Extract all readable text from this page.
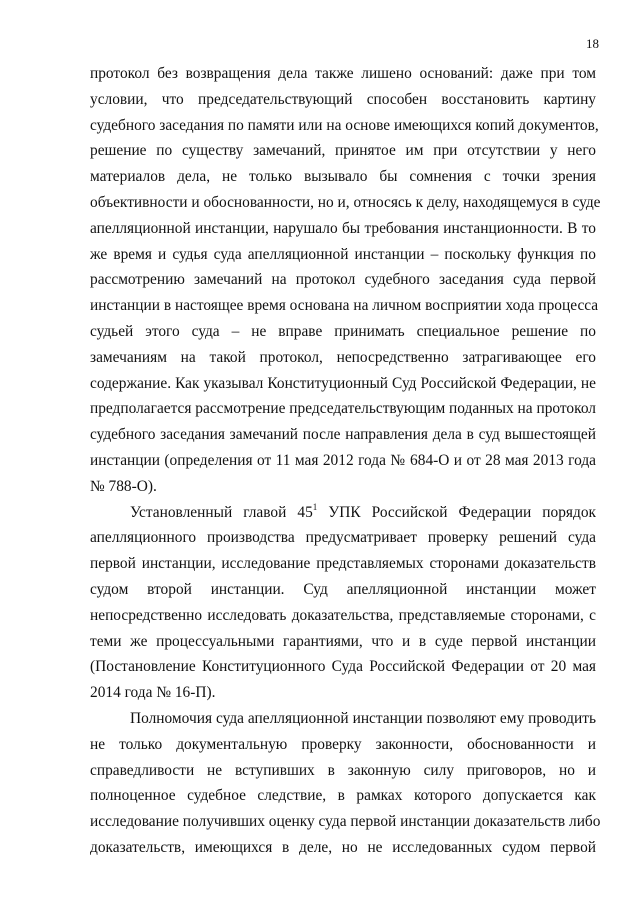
18
протокол без возвращения дела также лишено оснований: даже при том
условии, что председательствующий способен восстановить картину
судебного заседания по памяти или на основе имеющихся копий документов,
решение по существу замечаний, принятое им при отсутствии у него
материалов дела, не только вызывало бы сомнения с точки зрения
объективности и обоснованности, но и, относясь к делу, находящемуся в суде
апелляционной инстанции, нарушало бы требования инстанционности. В то
же время и судья суда апелляционной инстанции – поскольку функция по
рассмотрению замечаний на протокол судебного заседания суда первой
инстанции в настоящее время основана на личном восприятии хода процесса
судьей этого суда – не вправе принимать специальное решение по
замечаниям на такой протокол, непосредственно затрагивающее его
содержание. Как указывал Конституционный Суд Российской Федерации, не
предполагается рассмотрение председательствующим поданных на протокол
судебного заседания замечаний после направления дела в суд вышестоящей
инстанции (определения от 11 мая 2012 года № 684-О и от 28 мая 2013 года
№ 788-О).
Установленный главой $45^1$ УПК Российской Федерации порядок
апелляционного производства предусматривает проверку решений суда
первой инстанции, исследование представляемых сторонами доказательств
судом второй инстанции. Суд апелляционной инстанции может
непосредственно исследовать доказательства, представляемые сторонами, с
теми же процессуальными гарантиями, что и в суде первой инстанции
(Постановление Конституционного Суда Российской Федерации от 20 мая
2014 года № 16-П).
Полномочия суда апелляционной инстанции позволяют ему проводить
не только документальную проверку законности, обоснованности и
справедливости не вступивших в законную силу приговоров, но и
полноценное судебное следствие, в рамках которого допускается как
исследование получивших оценку суда первой инстанции доказательств либо
доказательств, имеющихся в деле, но не исследованных судом первой
